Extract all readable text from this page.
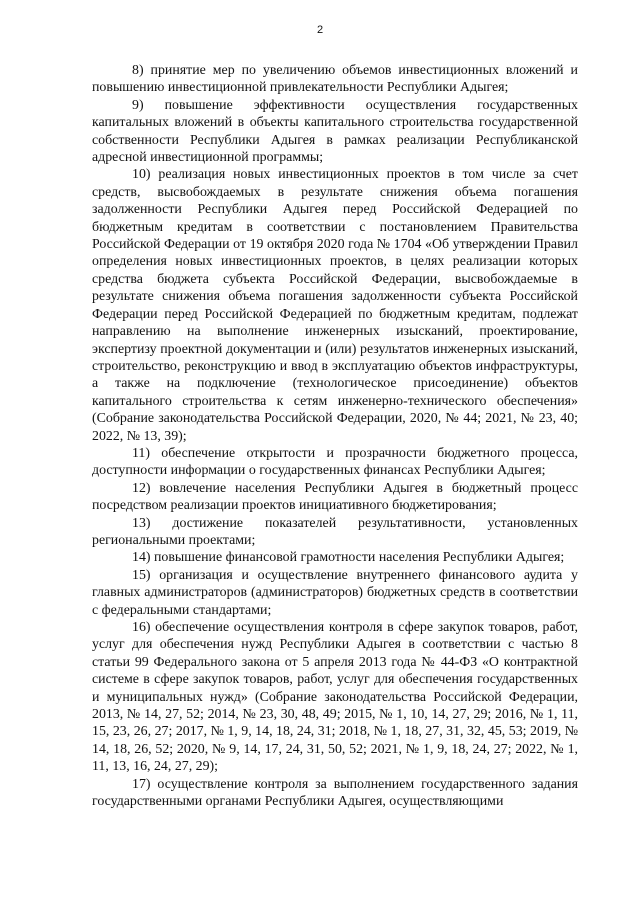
2

8) принятие мер по увеличению объемов инвестиционных вложений и повышению инвестиционной привлекательности Республики Адыгея;

9) повышение эффективности осуществления государственных капитальных вложений в объекты капитального строительства государственной собственности Республики Адыгея в рамках реализации Республиканской адресной инвестиционной программы;

10) реализация новых инвестиционных проектов в том числе за счет средств, высвобождаемых в результате снижения объема погашения задолженности Республики Адыгея перед Российской Федерацией по бюджетным кредитам в соответствии с постановлением Правительства Российской Федерации от 19 октября 2020 года № 1704 «Об утверждении Правил определения новых инвестиционных проектов, в целях реализации которых средства бюджета субъекта Российской Федерации, высвобождаемые в результате снижения объема погашения задолженности субъекта Российской Федерации перед Российской Федерацией по бюджетным кредитам, подлежат направлению на выполнение инженерных изысканий, проектирование, экспертизу проектной документации и (или) результатов инженерных изысканий, строительство, реконструкцию и ввод в эксплуатацию объектов инфраструктуры, а также на подключение (технологическое присоединение) объектов капитального строительства к сетям инженерно-технического обеспечения» (Собрание законодательства Российской Федерации, 2020, № 44; 2021, № 23, 40; 2022, № 13, 39);

11) обеспечение открытости и прозрачности бюджетного процесса, доступности информации о государственных финансах Республики Адыгея;

12) вовлечение населения Республики Адыгея в бюджетный процесс посредством реализации проектов инициативного бюджетирования;

13) достижение показателей результативности, установленных региональными проектами;

14) повышение финансовой грамотности населения Республики Адыгея;

15) организация и осуществление внутреннего финансового аудита у главных администраторов (администраторов) бюджетных средств в соответствии с федеральными стандартами;

16) обеспечение осуществления контроля в сфере закупок товаров, работ, услуг для обеспечения нужд Республики Адыгея в соответствии с частью 8 статьи 99 Федерального закона от 5 апреля 2013 года № 44-ФЗ «О контрактной системе в сфере закупок товаров, работ, услуг для обеспечения государственных и муниципальных нужд» (Собрание законодательства Российской Федерации, 2013, № 14, 27, 52; 2014, № 23, 30, 48, 49; 2015, № 1, 10, 14, 27, 29; 2016, № 1, 11, 15, 23, 26, 27; 2017, № 1, 9, 14, 18, 24, 31; 2018, № 1, 18, 27, 31, 32, 45, 53; 2019, № 14, 18, 26, 52; 2020, № 9, 14, 17, 24, 31, 50, 52; 2021, № 1, 9, 18, 24, 27; 2022, № 1, 11, 13, 16, 24, 27, 29);

17) осуществление контроля за выполнением государственного задания государственными органами Республики Адыгея, осуществляющими
